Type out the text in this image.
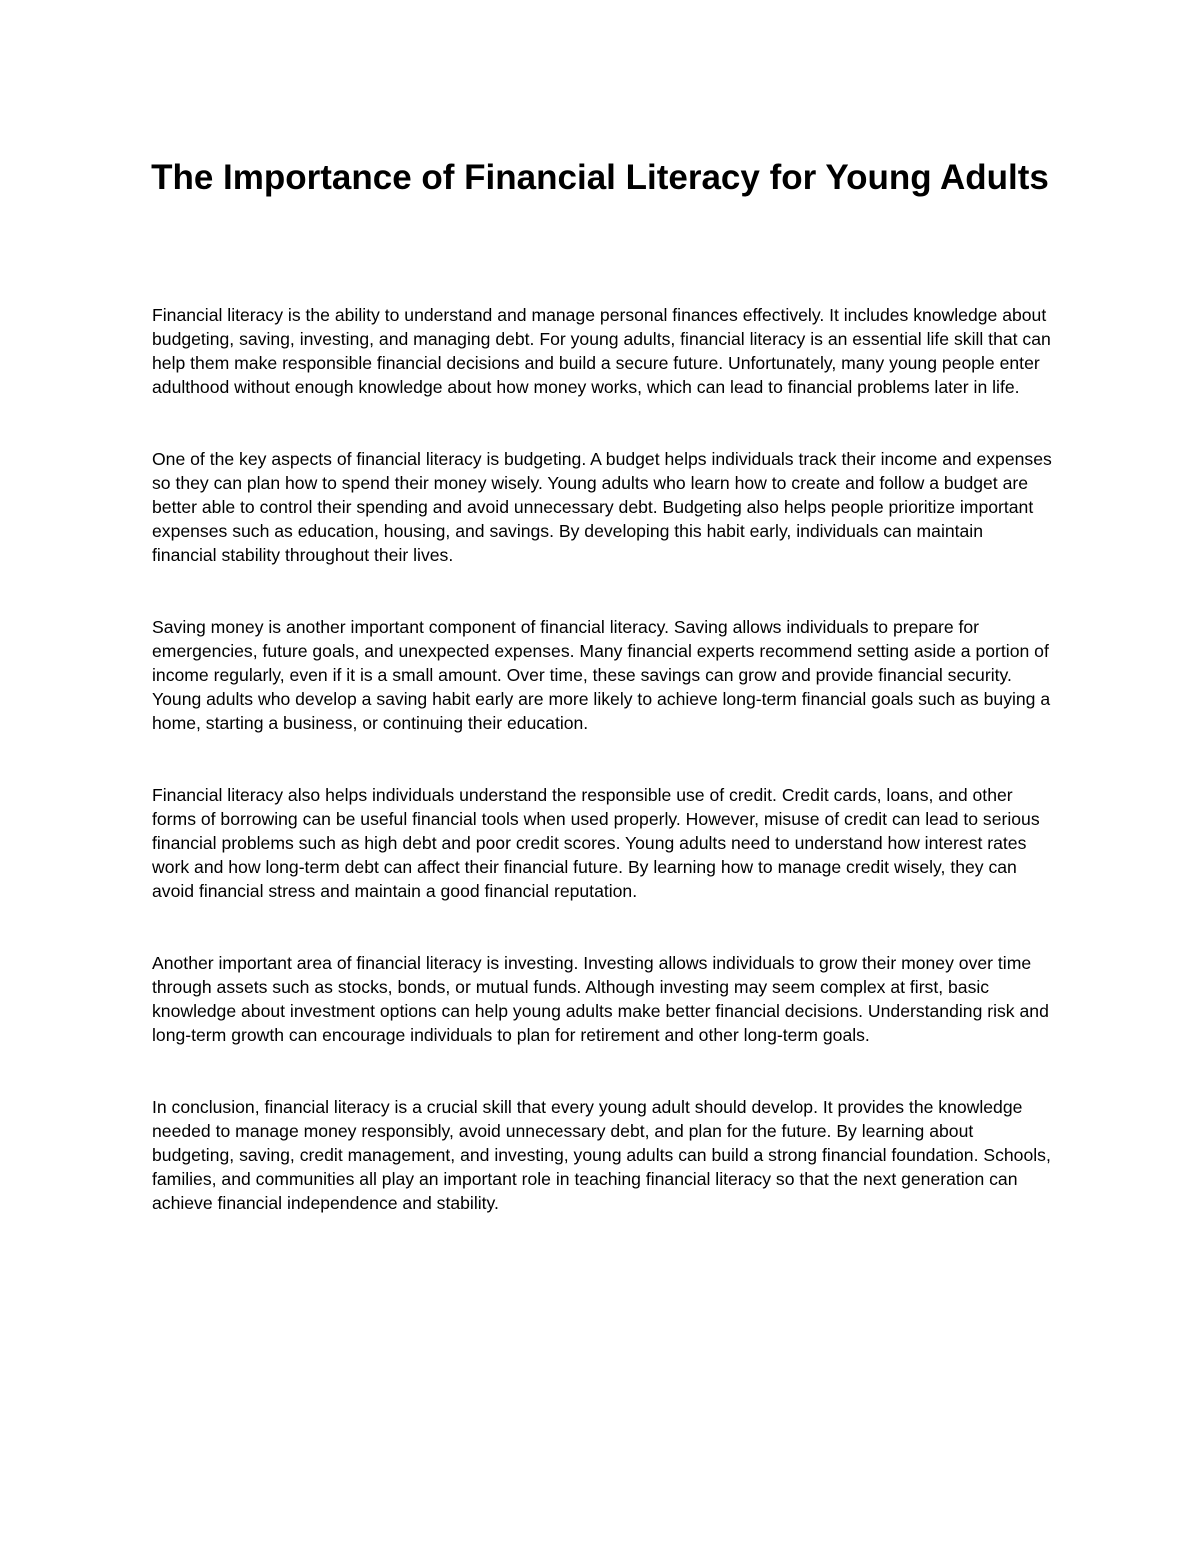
The Importance of Financial Literacy for Young Adults

Financial literacy is the ability to understand and manage personal finances effectively. It includes knowledge about budgeting, saving, investing, and managing debt. For young adults, financial literacy is an essential life skill that can help them make responsible financial decisions and build a secure future. Unfortunately, many young people enter adulthood without enough knowledge about how money works, which can lead to financial problems later in life.

One of the key aspects of financial literacy is budgeting. A budget helps individuals track their income and expenses so they can plan how to spend their money wisely. Young adults who learn how to create and follow a budget are better able to control their spending and avoid unnecessary debt. Budgeting also helps people prioritize important expenses such as education, housing, and savings. By developing this habit early, individuals can maintain financial stability throughout their lives.

Saving money is another important component of financial literacy. Saving allows individuals to prepare for emergencies, future goals, and unexpected expenses. Many financial experts recommend setting aside a portion of income regularly, even if it is a small amount. Over time, these savings can grow and provide financial security. Young adults who develop a saving habit early are more likely to achieve long-term financial goals such as buying a home, starting a business, or continuing their education.

Financial literacy also helps individuals understand the responsible use of credit. Credit cards, loans, and other forms of borrowing can be useful financial tools when used properly. However, misuse of credit can lead to serious financial problems such as high debt and poor credit scores. Young adults need to understand how interest rates work and how long-term debt can affect their financial future. By learning how to manage credit wisely, they can avoid financial stress and maintain a good financial reputation.

Another important area of financial literacy is investing. Investing allows individuals to grow their money over time through assets such as stocks, bonds, or mutual funds. Although investing may seem complex at first, basic knowledge about investment options can help young adults make better financial decisions. Understanding risk and long-term growth can encourage individuals to plan for retirement and other long-term goals.

In conclusion, financial literacy is a crucial skill that every young adult should develop. It provides the knowledge needed to manage money responsibly, avoid unnecessary debt, and plan for the future. By learning about budgeting, saving, credit management, and investing, young adults can build a strong financial foundation. Schools, families, and communities all play an important role in teaching financial literacy so that the next generation can achieve financial independence and stability.
